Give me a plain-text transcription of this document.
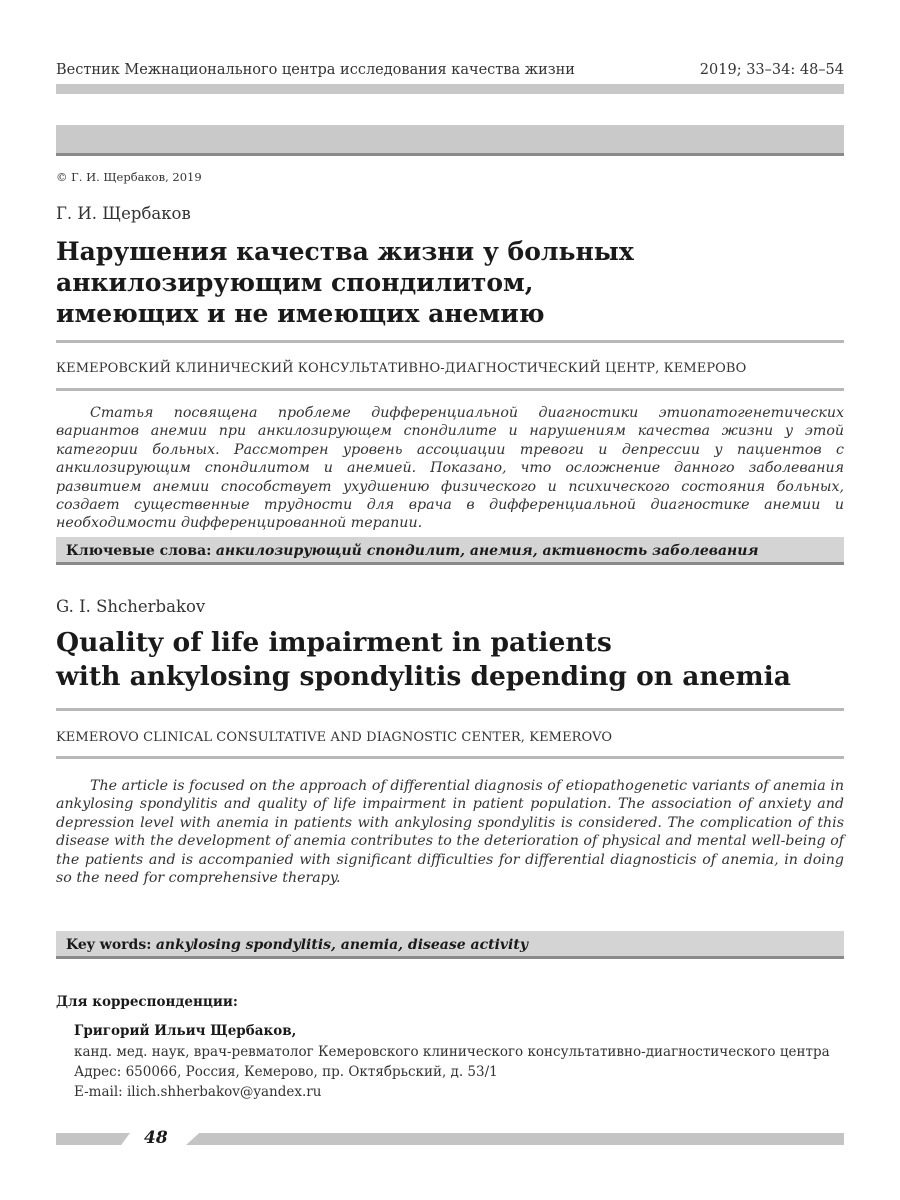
Вестник Межнационального центра исследования качества жизни	2019; 33–34: 48–54
© Г. И. Щербаков, 2019
Г. И. Щербаков
Нарушения качества жизни у больных
анкилозирующим спондилитом,
имеющих и не имеющих анемию
КЕМЕРОВСКИЙ КЛИНИЧЕСКИЙ КОНСУЛЬТАТИВНО-ДИАГНОСТИЧЕСКИЙ ЦЕНТР, КЕМЕРОВО

Статья посвящена проблеме дифференциальной диагностики этиопатогенетических вариантов анемии при анкилозирующем спондилите и нарушениям качества жизни у этой категории больных. Рассмотрен уровень ассоциации тревоги и депрессии у пациентов с анкилозирующим спондилитом и анемией. Показано, что осложнение данного заболевания развитием анемии способствует ухудшению физического и психического состояния больных, создает существенные трудности для врача в дифференциальной диагностике анемии и необходимости дифференцированной терапии.

Ключевые слова: анкилозирующий спондилит, анемия, активность заболевания
G. I. Shcherbakov
Quality of life impairment in patients
with ankylosing spondylitis depending on anemia
KEMEROVO CLINICAL CONSULTATIVE AND DIAGNOSTIC CENTER, KEMEROVO

The article is focused on the approach of differential diagnosis of etiopathogenetic variants of anemia in ankylosing spondylitis and quality of life impairment in patient population. The association of anxiety and depression level with anemia in patients with ankylosing spondylitis is considered. The complication of this disease with the development of anemia contributes to the deterioration of physical and mental well-being of the patients and is accompanied with significant difficulties for differential diagnosticis of anemia, in doing so the need for comprehensive therapy.

Key words: ankylosing spondylitis, anemia, disease activity
Для корреспонденции:
Григорий Ильич Щербаков,
канд. мед. наук, врач-ревматолог Кемеровского клинического консультативно-диагностического центра
Адрес: 650066, Россия, Кемерово, пр. Октябрьский, д. 53/1
E-mail: ilich.shherbakov@yandex.ru
48
